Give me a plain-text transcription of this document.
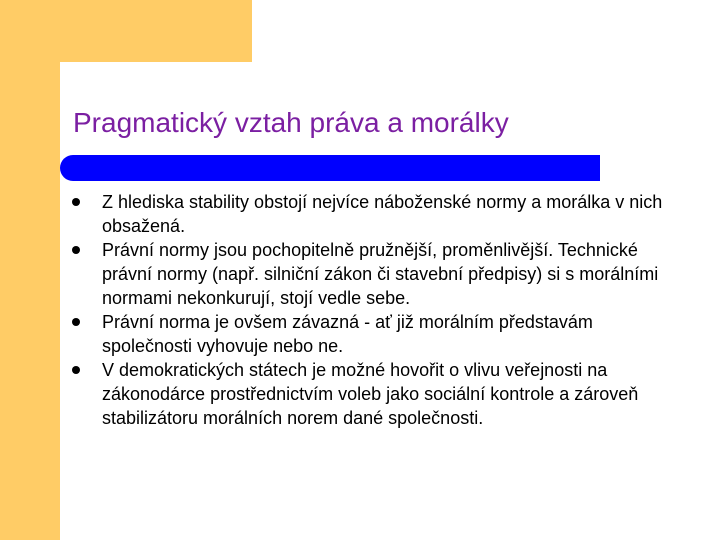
Pragmatický vztah práva a morálky
Z hlediska stability obstojí nejvíce náboženské normy a morálka v nich obsažená.
Právní normy jsou pochopitelně pružnější, proměnlivější. Technické právní normy (např. silniční zákon či stavební předpisy) si s morálními normami nekonkurují, stojí vedle sebe.
Právní norma je ovšem závazná - ať již morálním představám společnosti vyhovuje nebo ne.
V demokratických státech je možné hovořit o vlivu veřejnosti na zákonodárce prostřednictvím voleb jako sociální kontrole a zároveň stabilizátoru morálních norem dané společnosti.
